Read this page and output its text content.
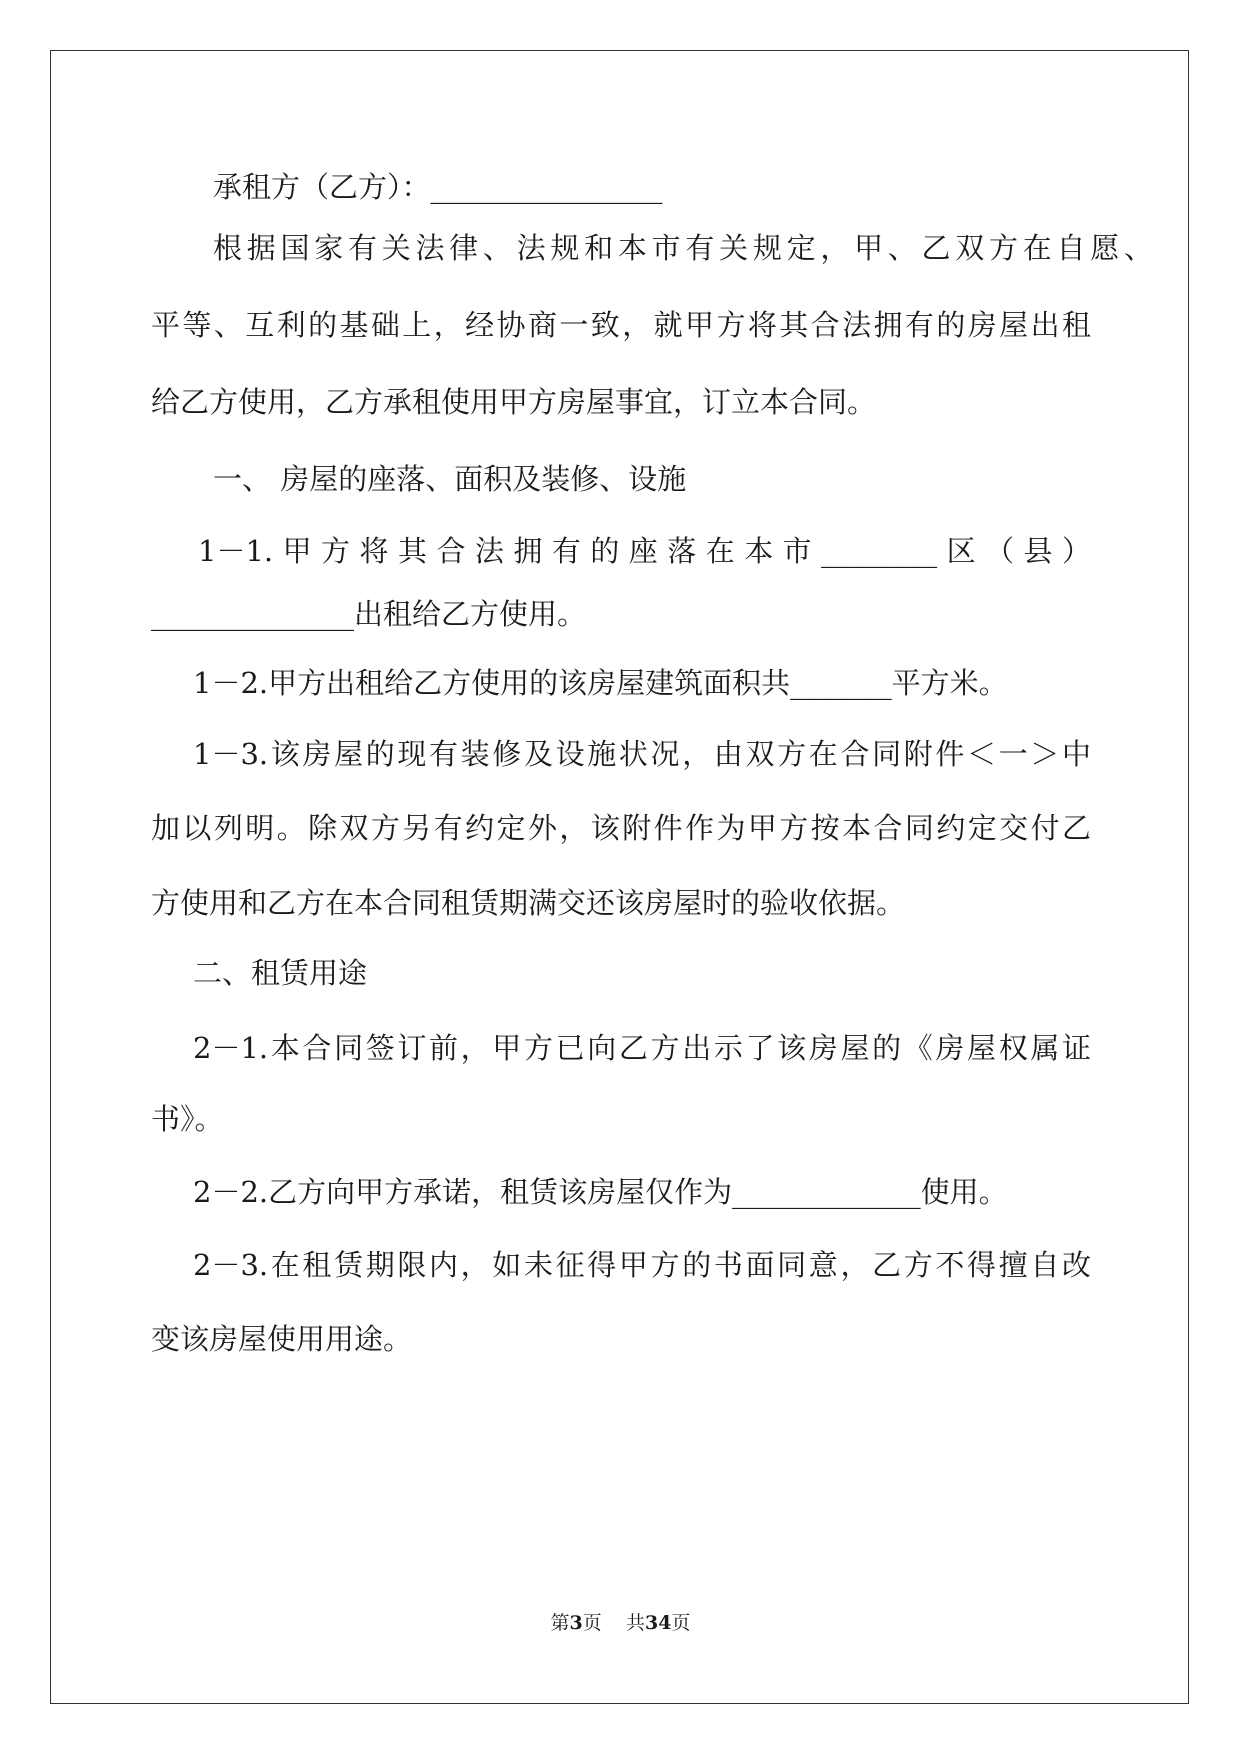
承租方（乙方）：________________

根据国家有关法律、法规和本市有关规定，甲、乙双方在自愿、

平等、互利的基础上，经协商一致，就甲方将其合法拥有的房屋出租

给乙方使用，乙方承租使用甲方房屋事宜，订立本合同。

一、 房屋的座落、面积及装修、设施

1－1.甲方将其合法拥有的座落在本市________区（县）

______________出租给乙方使用。

1－2.甲方出租给乙方使用的该房屋建筑面积共_______平方米。

1－3.该房屋的现有装修及设施状况，由双方在合同附件＜一＞中

加以列明。除双方另有约定外，该附件作为甲方按本合同约定交付乙

方使用和乙方在本合同租赁期满交还该房屋时的验收依据。

二、租赁用途

2－1.本合同签订前，甲方已向乙方出示了该房屋的《房屋权属证

书》。

2－2.乙方向甲方承诺，租赁该房屋仅作为_____________使用。

2－3.在租赁期限内，如未征得甲方的书面同意，乙方不得擅自改

变该房屋使用用途。

第3页 共34页
